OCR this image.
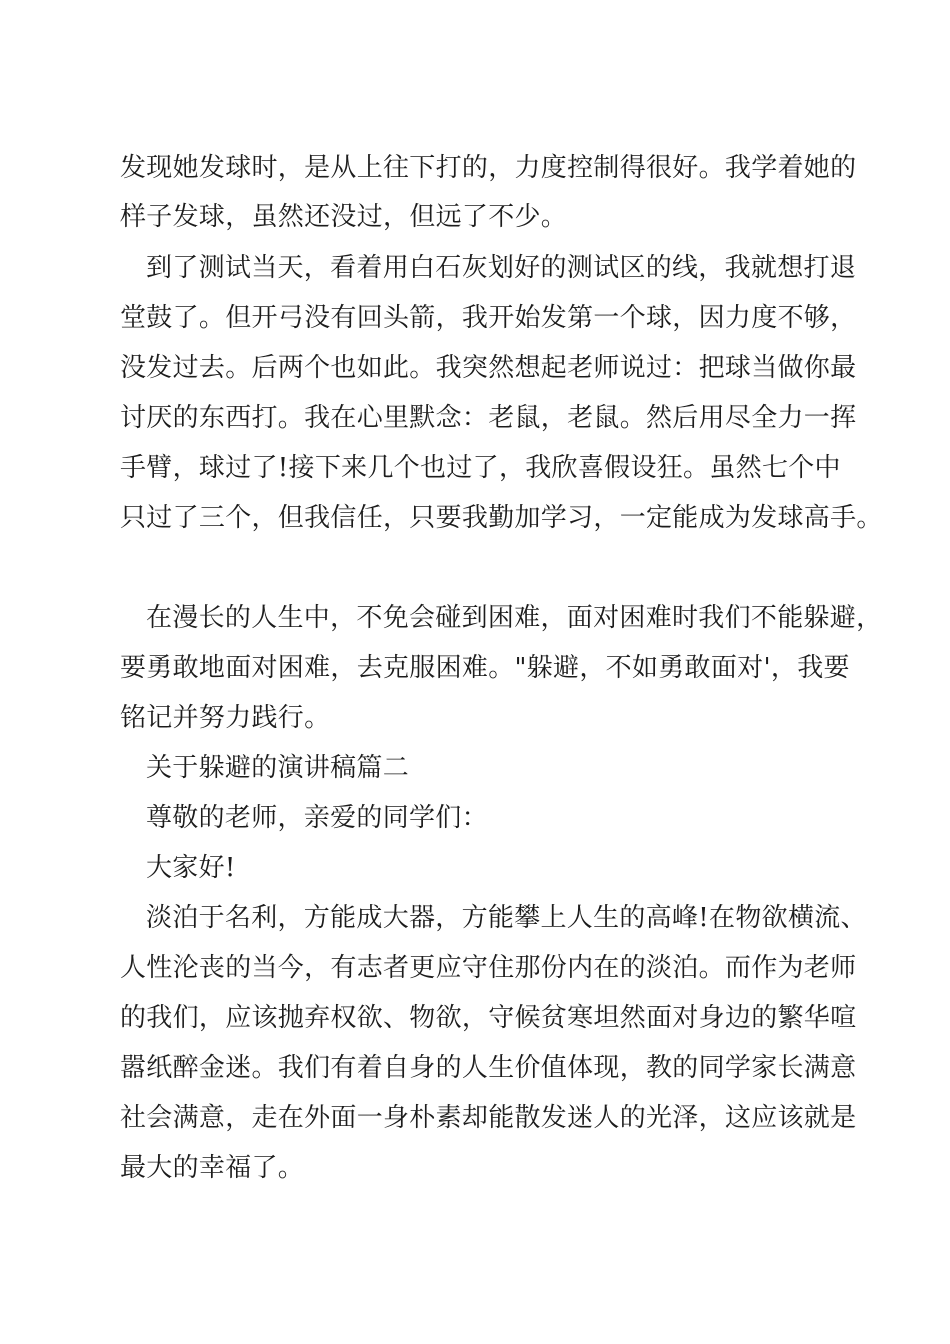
发现她发球时，是从上往下打的，力度控制得很好。我学着她的
样子发球，虽然还没过，但远了不少。
到了测试当天，看着用白石灰划好的测试区的线，我就想打退
堂鼓了。但开弓没有回头箭，我开始发第一个球，因力度不够，
没发过去。后两个也如此。我突然想起老师说过：把球当做你最
讨厌的东西打。我在心里默念：老鼠，老鼠。然后用尽全力一挥
手臂，球过了!接下来几个也过了，我欣喜假设狂。虽然七个中
只过了三个，但我信任，只要我勤加学习，一定能成为发球高手。
在漫长的人生中，不免会碰到困难，面对困难时我们不能躲避，
要勇敢地面对困难，去克服困难。"躲避，不如勇敢面对'，我要
铭记并努力践行。
关于躲避的演讲稿篇二
尊敬的老师，亲爱的同学们：
大家好!
淡泊于名利，方能成大器，方能攀上人生的高峰!在物欲横流、
人性沦丧的当今，有志者更应守住那份内在的淡泊。而作为老师
的我们，应该抛弃权欲、物欲，守候贫寒坦然面对身边的繁华喧
嚣纸醉金迷。我们有着自身的人生价值体现，教的同学家长满意
社会满意，走在外面一身朴素却能散发迷人的光泽，这应该就是
最大的幸福了。
